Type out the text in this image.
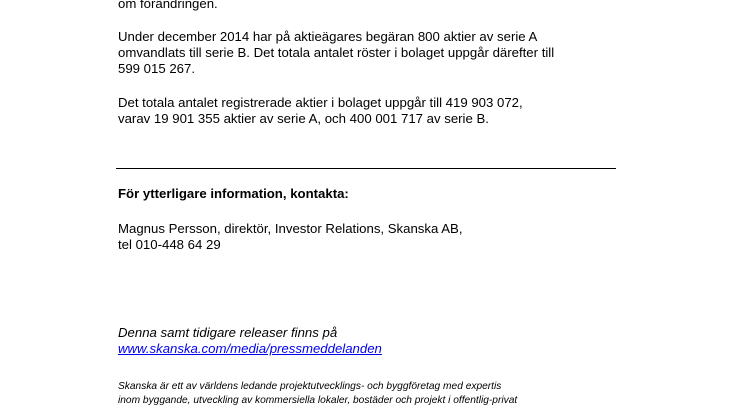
om förändringen.

Under december 2014 har på aktieägares begäran 800 aktier av serie A

omvandlats till serie B. Det totala antalet röster i bolaget uppgår därefter till

599 015 267.

Det totala antalet registrerade aktier i bolaget uppgår till 419 903 072,

varav 19 901 355 aktier av serie A, och 400 001 717 av serie B.

För ytterligare information, kontakta:

Magnus Persson, direktör, Investor Relations, Skanska AB,

tel 010-448 64 29

Denna samt tidigare releaser finns på

www.skanska.com/media/pressmeddelanden

Skanska är ett av världens ledande projektutvecklings- och byggföretag med expertis

inom byggande, utveckling av kommersiella lokaler, bostäder och projekt i offentlig-privat
